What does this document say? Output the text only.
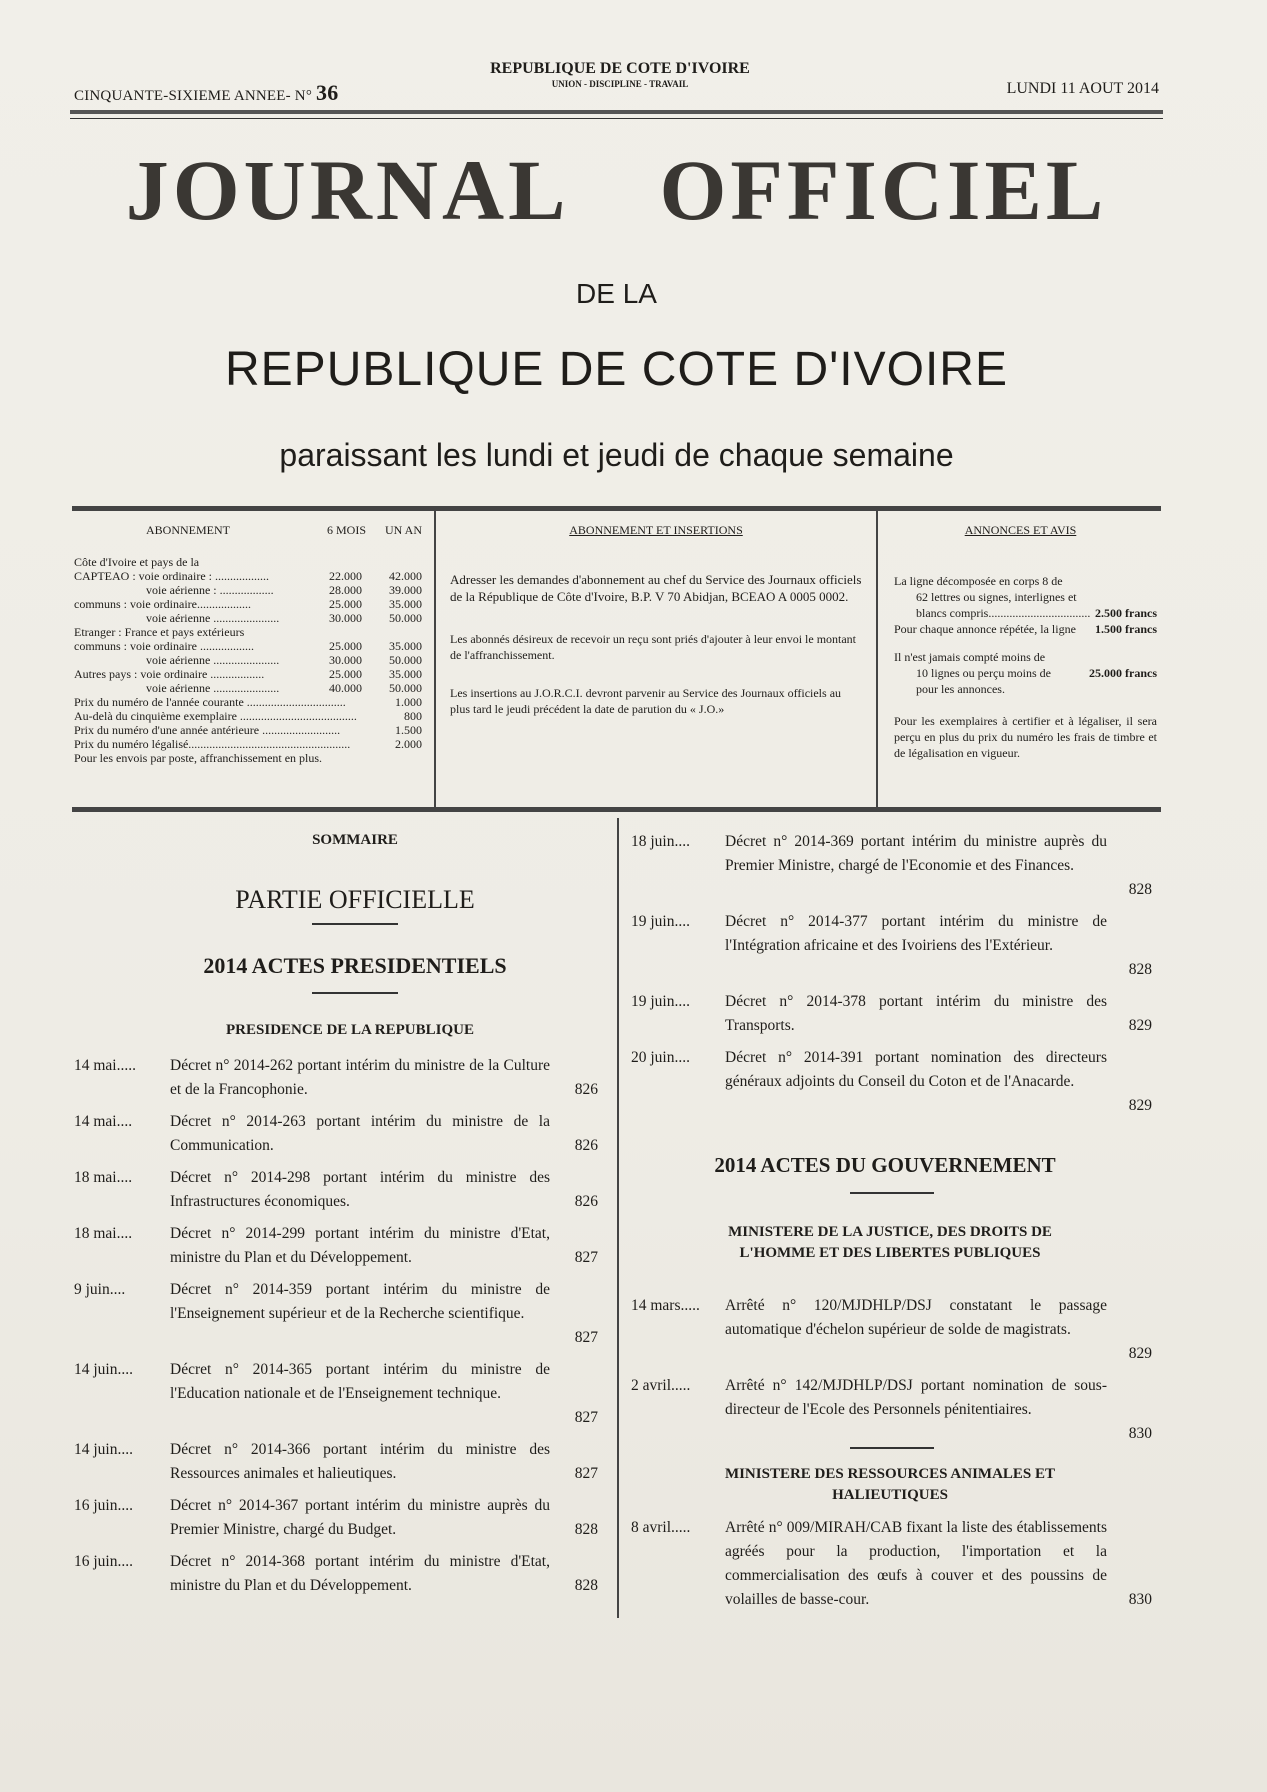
CINQUANTE-SIXIEME ANNEE- N° 36
REPUBLIQUE DE COTE D'IVOIRE
UNION - DISCIPLINE - TRAVAIL	LUNDI 11 AOUT 2014
JOURNAL OFFICIEL
DE LA
REPUBLIQUE DE COTE D'IVOIRE
paraissant les lundi et jeudi de chaque semaine
ABONNEMENT	6 MOIS	UN AN
Côte d'Ivoire et pays de la
CAPTEAO : voie ordinaire : ..................	22.000	42.000
voie aérienne : ..................	28.000	39.000
communs : voie ordinaire..................	25.000	35.000
voie aérienne ......................	30.000	50.000
Etranger : France et pays extérieurs
communs : voie ordinaire ..................	25.000	35.000
voie aérienne ......................	30.000	50.000
Autres pays : voie ordinaire ..................	25.000	35.000
voie aérienne ......................	40.000	50.000
Prix du numéro de l'année courante .................................	1.000
Au-delà du cinquième exemplaire .......................................	800
Prix du numéro d'une année antérieure ..........................	1.500
Prix du numéro légalisé......................................................	2.000
Pour les envois par poste, affranchissement en plus.
ABONNEMENT ET INSERTIONS
Adresser les demandes d'abonnement au chef du Service des Journaux officiels de la République de Côte d'Ivoire, B.P. V 70 Abidjan, BCEAO A 0005 0002.
Les abonnés désireux de recevoir un reçu sont priés d'ajouter à leur envoi le montant de l'affranchissement.
Les insertions au J.O.R.C.I. devront parvenir au Service des Journaux officiels au plus tard le jeudi précédent la date de parution du « J.O.»
ANNONCES ET AVIS
La ligne décomposée en corps 8 de
62 lettres ou signes, interlignes et
blancs compris.................................. 2.500 francs
Pour chaque annonce répétée, la ligne	1.500 francs
Il n'est jamais compté moins de
10 lignes ou perçu moins de	25.000 francs
pour les annonces.
Pour les exemplaires à certifier et à légaliser, il sera perçu en plus du prix du numéro les frais de timbre et de légalisation en vigueur.
SOMMAIRE
PARTIE OFFICIELLE
2014 ACTES PRESIDENTIELS
PRESIDENCE DE LA REPUBLIQUE
14 mai..... Décret n° 2014-262 portant intérim du ministre de la Culture et de la Francophonie.	826
14 mai.... Décret n° 2014-263 portant intérim du ministre de la Communication.	826
18 mai.... Décret n° 2014-298 portant intérim du ministre des Infrastructures économiques.	826
18 mai.... Décret n° 2014-299 portant intérim du ministre d'Etat, ministre du Plan et du Développement.	827
9 juin....	Décret n° 2014-359 portant intérim du ministre de l'Enseignement supérieur et de la Recherche scientifique.
827
14 juin.... Décret n° 2014-365 portant intérim du ministre de l'Education nationale et de l'Enseignement technique.
827
14 juin.... Décret n° 2014-366 portant intérim du ministre des Ressources animales et halieutiques.	827
16 juin.... Décret n° 2014-367 portant intérim du ministre auprès du Premier Ministre, chargé du Budget.	828
16 juin.... Décret n° 2014-368 portant intérim du ministre d'Etat, ministre du Plan et du Développement.	828
18 juin.... Décret n° 2014-369 portant intérim du ministre auprès du Premier Ministre, chargé de l'Economie et des Finances.
828
19 juin.... Décret n° 2014-377 portant intérim du ministre de l'Intégration africaine et des Ivoiriens des l'Extérieur.
828
19 juin.... Décret n° 2014-378 portant intérim du ministre des Transports.	829
20 juin.... Décret n° 2014-391 portant nomination des directeurs généraux adjoints du Conseil du Coton et de l'Anacarde.
829
2014 ACTES DU GOUVERNEMENT
MINISTERE DE LA JUSTICE, DES DROITS DE L'HOMME ET DES LIBERTES PUBLIQUES
14 mars..... Arrêté n° 120/MJDHLP/DSJ constatant le passage automatique d'échelon supérieur de solde de magistrats.
829
2 avril..... Arrêté n° 142/MJDHLP/DSJ portant nomination de sous-directeur de l'Ecole des Personnels pénitentiaires.
830
MINISTERE DES RESSOURCES ANIMALES ET HALIEUTIQUES
8 avril..... Arrêté n° 009/MIRAH/CAB fixant la liste des établissements agréés pour la production, l'importation et la commercialisation des œufs à couver et des poussins de volailles de basse-cour.	830
